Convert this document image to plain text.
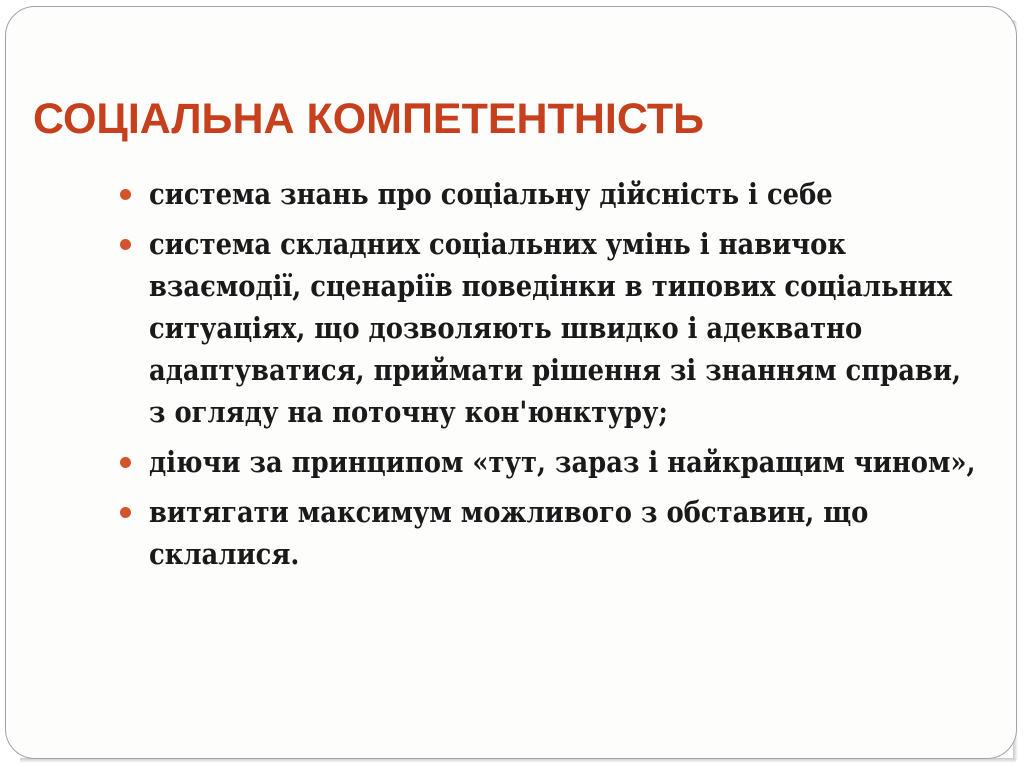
СОЦІАЛЬНА КОМПЕТЕНТНІСТЬ
система знань про соціальну дійсність і себе
система складних соціальних умінь і навичок взаємодії, сценаріїв поведінки в типових соціальних ситуаціях, що дозволяють швидко і адекватно адаптуватися, приймати рішення зі знанням справи, з огляду на поточну кон'юнктуру;
діючи за принципом «тут, зараз і найкращим чином»,
витягати максимум можливого з обставин, що склалися.
